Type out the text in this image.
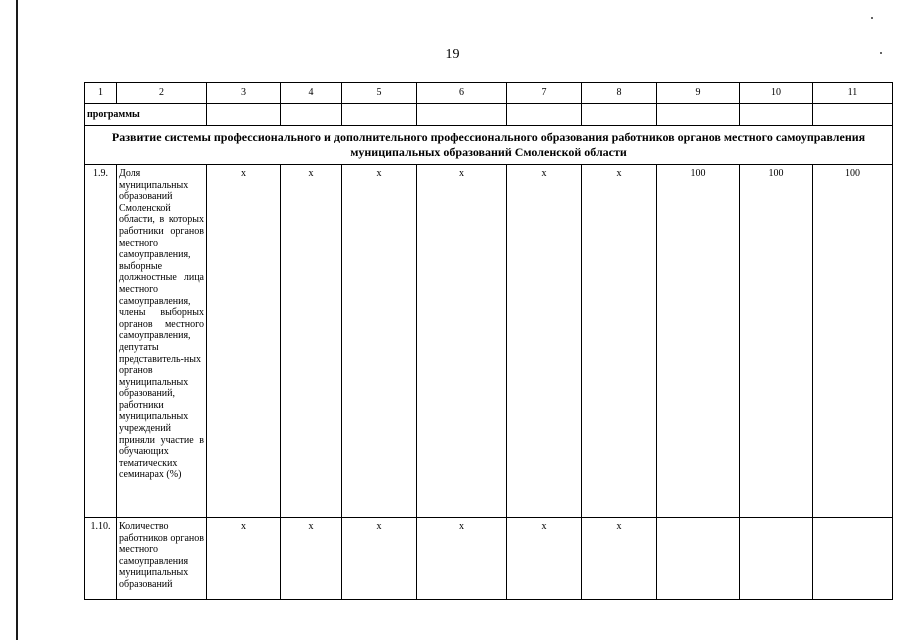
19
1	2	3	4	5	6	7	8	9	10	11
программы										
Развитие системы профессионального и дополнительного профессионального образования работников органов местного самоуправления муниципальных образований Смоленской области										
1.9.	Доля муниципальных образований Смоленской области, в которых работники органов местного самоуправления, выборные должностные лица местного самоуправления, члены выборных органов местного самоуправления, депутаты представитель-ных органов муниципальных образований, работники муниципальных учреждений приняли участие в обучающих тематических семинарах (%)	х	х	х	х	х	х	100	100	100
1.10.	Количество работников органов местного самоуправления муниципальных образований	х	х	х	х	х	х			
